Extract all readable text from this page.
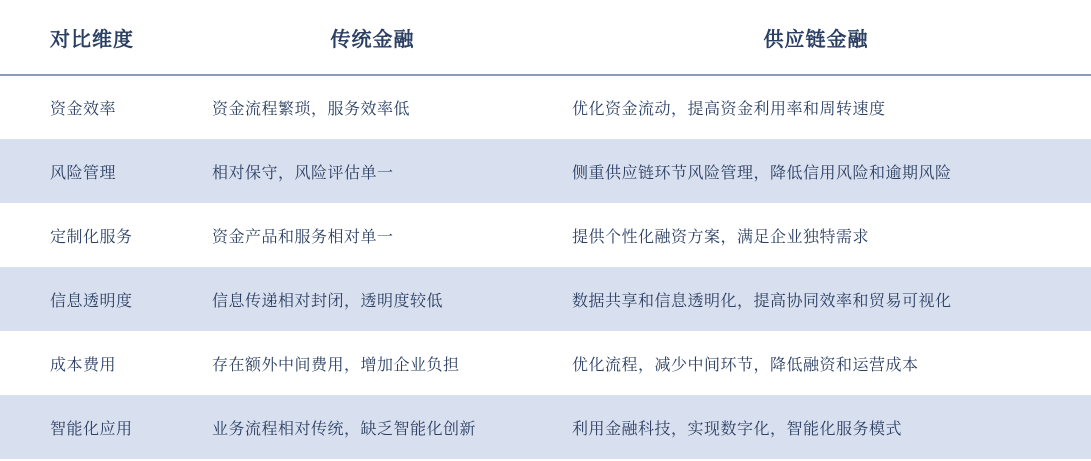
对比维度	传统金融	供应链金融
资金效率	资金流程繁琐，服务效率低	优化资金流动，提高资金利用率和周转速度
风险管理	相对保守，风险评估单一	侧重供应链环节风险管理，降低信用风险和逾期风险
定制化服务	资金产品和服务相对单一	提供个性化融资方案，满足企业独特需求
信息透明度	信息传递相对封闭，透明度较低	数据共享和信息透明化，提高协同效率和贸易可视化
成本费用	存在额外中间费用，增加企业负担	优化流程，减少中间环节，降低融资和运营成本
智能化应用	业务流程相对传统，缺乏智能化创新	利用金融科技，实现数字化，智能化服务模式
